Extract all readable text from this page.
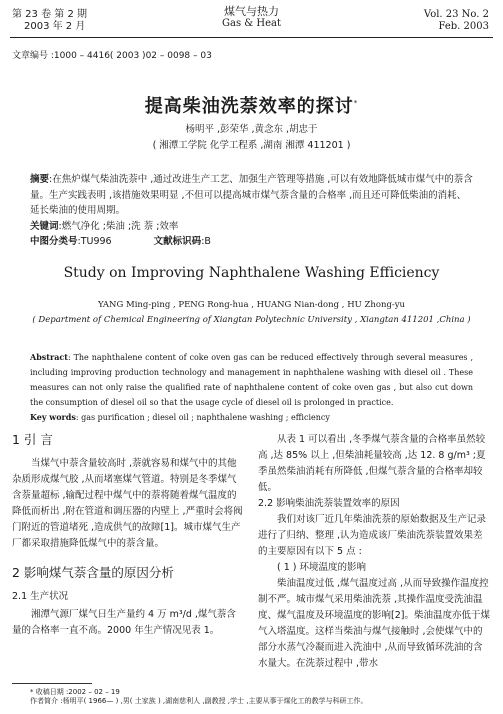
第 23 卷 第 2 期
2003 年 2 月
煤气与热力
Gas & Heat
Vol. 23 No. 2
Feb. 2003
文章编号 :1000 – 4416( 2003 )02 – 0098 – 03
提高柴油洗萘效率的探讨*
杨明平 ,彭荣华 ,黄念东 ,胡忠于
( 湘潭工学院 化学工程系 ,湖南 湘潭 411201 )
摘要:在焦炉煤气柴油洗萘中 ,通过改进生产工艺、加强生产管理等措施 ,可以有效地降低城市煤气中的萘含量。生产实践表明 ,该措施效果明显 ,不但可以提高城市煤气萘含量的合格率 ,而且还可降低柴油的消耗、延长柴油的使用周期。
关键词:燃气净化 ;柴油 ;洗 萘 ;效率
中图分类号:TU996	文献标识码:B
Study on Improving Naphthalene Washing Efficiency
YANG Ming-ping , PENG Rong-hua , HUANG Nian-dong , HU Zhong-yu
( Department of Chemical Engineering of Xiangtan Polytechnic University , Xiangtan 411201 ,China )
Abstract: The naphthalene content of coke oven gas can be reduced effectively through several measures , including improving production technology and management in naphthalene washing with diesel oil . These measures can not only raise the qualified rate of naphthalene content of coke oven gas , but also cut down the consumption of diesel oil so that the usage cycle of diesel oil is prolonged in practice.
Key words: gas purification ; diesel oil ; naphthalene washing ; efficiency
1 引 言

当煤气中萘含量较高时 ,萘就容易和煤气中的其他杂质形成煤气胶 ,从而堵塞煤气管道。特别是冬季煤气含萘量超标 ,输配过程中煤气中的萘将随着煤气温度的降低而析出 ,附在管道和调压器的内壁上 ,严重时会将阀门附近的管道堵死 ,造成供气的故障[1]。城市煤气生产厂都采取措施降低煤气中的萘含量。

2 影响煤气萘含量的原因分析
2.1 生产状况

湘潭气源厂煤气日生产量约 4 万 m³/d ,煤气萘含量的合格率一直不高。2000 年生产情况见表 1。

从表 1 可以看出 ,冬季煤气萘含量的合格率虽然较高 ,达 85% 以上 ,但柴油耗量较高 ,达 12. 8 g/m³ ;夏季虽然柴油消耗有所降低 ,但煤气萘含量的合格率却较低。

2.2 影响柴油洗萘装置效率的原因

我们对该厂近几年柴油洗萘的原始数据及生产记录进行了归纳、整理 ,认为造成该厂柴油洗萘装置效果差的主要原因有以下 5 点 :

( 1 ) 环境温度的影响

柴油温度过低 ,煤气温度过高 ,从而导致操作温度控制不严。城市煤气采用柴油洗萘 ,其操作温度受洗油温度、煤气温度及环境温度的影响[2]。柴油温度亦低于煤气入塔温度。这样当柴油与煤气接触时 ,会使煤气中的部分水蒸气冷凝而进入洗油中 ,从而导致循环洗油的含水量大。在洗萘过程中 ,带水

* 收稿日期 :2002 – 02 – 19
作者简介 :杨明平( 1966— ) ,男( 土家族 ) ,湖南慈利人 ,副教授 ,学士 ,主要从事于煤化工的教学与科研工作。
